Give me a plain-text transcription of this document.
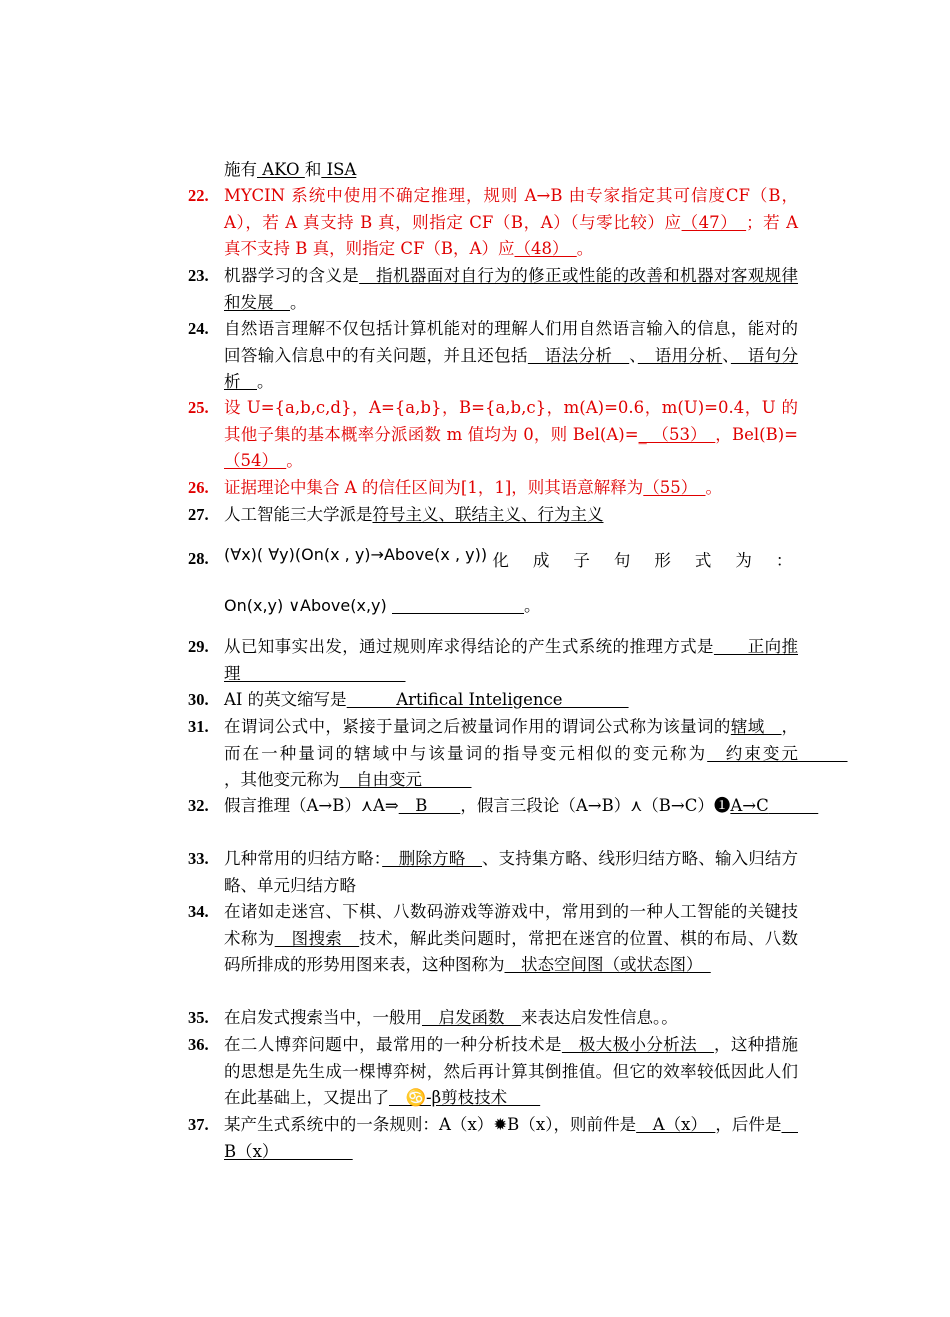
施有 AKO 和 ISA
22. MYCIN 系统中使用不确定推理，规则 A→B 由专家指定其可信度CF（B，A），若 A 真支持 B 真，则指定 CF（B，A）（与零比较）应（47）　；若 A 真不支持 B 真，则指定 CF（B，A）应（48）　。
23. 机器学习的含义是　指机器面对自行为的修正或性能的改善和机器对客观规律和发展　。
24. 自然语言理解不仅包括计算机能对的理解人们用自然语言输入的信息，能对的回答输入信息中的有关问题，并且还包括　语法分析　、　语用分析、　语句分析　。
25. 设 U={a,b,c,d}，A={a,b}，B={a,b,c}，m(A)=0.6，m(U)=0.4，U 的其他子集的基本概率分派函数 m 值均为 0，则 Bel(A)=_ （53）　，Bel(B)=（54）　。
26. 证据理论中集合 A 的信任区间为[1，1]，则其语意解释为（55）　。
27. 人工智能三大学派是符号主义、联结主义、行为主义
28. (∀x)( ∀y)(On(x , y)→Above(x , y)) 化成子句形式为：
On(x,y) ∨Above(x,y) 　　　　　　　　	。
29. 从已知事实出发，通过规则库求得结论的产生式系统的推理方式是　　正向推理　　　　　　　　　　
30. AI 的英文缩写是　　　Artifical Inteligence　　　　
31. 在谓词公式中，紧接于量词之后被量词作用的谓词公式称为该量词的辖域　，而在一种量词的辖域中与该量词的指导变元相似的变元称为　约束变元　　　，其他变元称为　自由变元　　　
32. 假言推理（A→B）⋏A⇒　B　　，假言三段论（A→B）⋏（B→C）➊A→C　　　
33. 几种常用的归结方略：　删除方略　、支持集方略、线形归结方略、输入归结方略、单元归结方略
34. 在诸如走迷宫、下棋、八数码游戏等游戏中，常用到的一种人工智能的关键技术称为　图搜索　技术，解此类问题时，常把在迷宫的位置、棋的布局、八数码所排成的形势用图来表，这种图称为　状态空间图（或状态图）　
35. 在启发式搜索当中，一般用　启发函数　来表达启发性信息。。
36. 在二人博弈问题中，最常用的一种分析技术是　极大极小分析法　，这种措施的思想是先生成一棵博弈树，然后再计算其倒推值。但它的效率较低因此人们在此基础上，又提出了　♋-β剪枝技术　　
37. 某产生式系统中的一条规则：A（x）✹B（x），则前件是　A（x）　，后件是　B（x）　　　　　
